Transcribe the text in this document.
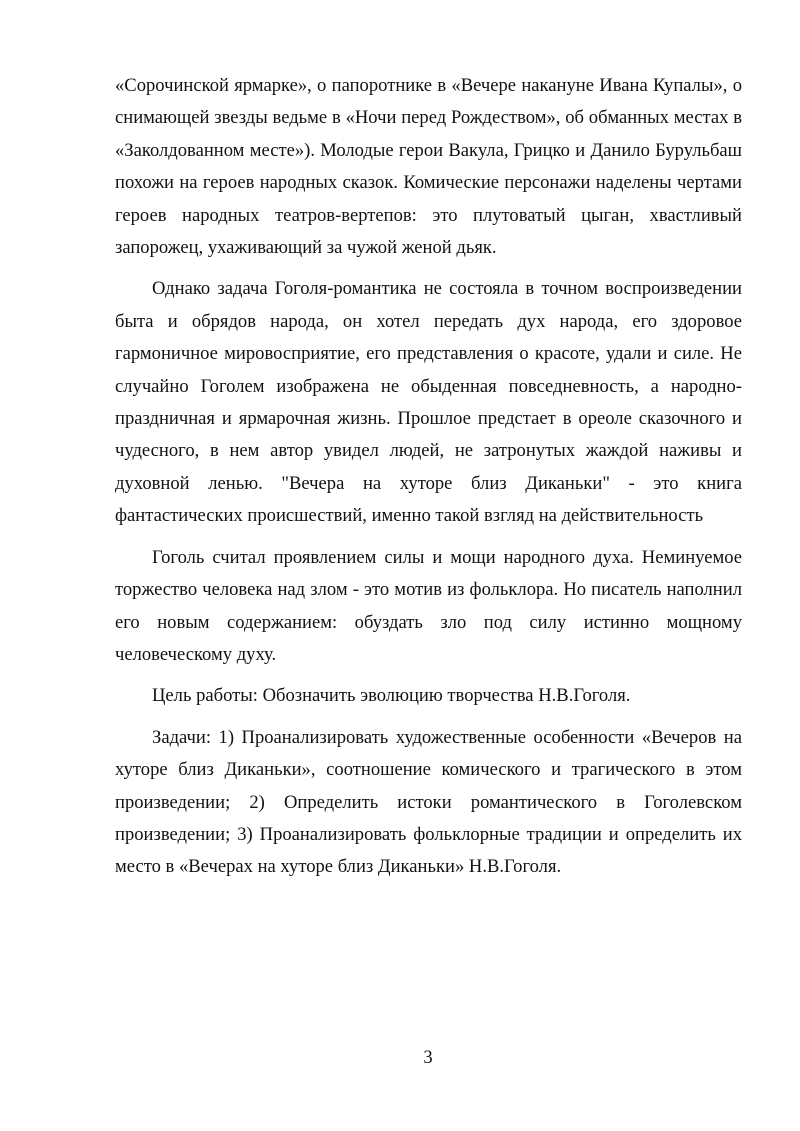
«Сорочинской ярмарке», о папоротнике в «Вечере накануне Ивана Купалы», о снимающей звезды ведьме в «Ночи перед Рождеством», об обманных местах в «Заколдованном месте»). Молодые герои Вакула, Грицко и Данило Бурульбаш похожи на героев народных сказок. Комические персонажи наделены чертами героев народных театров-вертепов: это плутоватый цыган, хвастливый запорожец, ухаживающий за чужой женой дьяк.

Однако задача Гоголя-романтика не состояла в точном воспроизведении быта и обрядов народа, он хотел передать дух народа, его здоровое гармоничное мировосприятие, его представления о красоте, удали и силе. Не случайно Гоголем изображена не обыденная повседневность, а народно-праздничная и ярмарочная жизнь. Прошлое предстает в ореоле сказочного и чудесного, в нем автор увидел людей, не затронутых жаждой наживы и духовной ленью. "Вечера на хуторе близ Диканьки" - это книга фантастических происшествий, именно такой взгляд на действительность

Гоголь считал проявлением силы и мощи народного духа. Неминуемое торжество человека над злом - это мотив из фольклора. Но писатель наполнил его новым содержанием: обуздать зло под силу истинно мощному человеческому духу.

Цель работы: Обозначить эволюцию творчества Н.В.Гоголя.

Задачи: 1) Проанализировать художественные особенности «Вечеров на хуторе близ Диканьки», соотношение комического и трагического в этом произведении; 2) Определить истоки романтического в Гоголевском произведении; 3) Проанализировать фольклорные традиции и определить их место в «Вечерах на хуторе близ Диканьки» Н.В.Гоголя.

3
